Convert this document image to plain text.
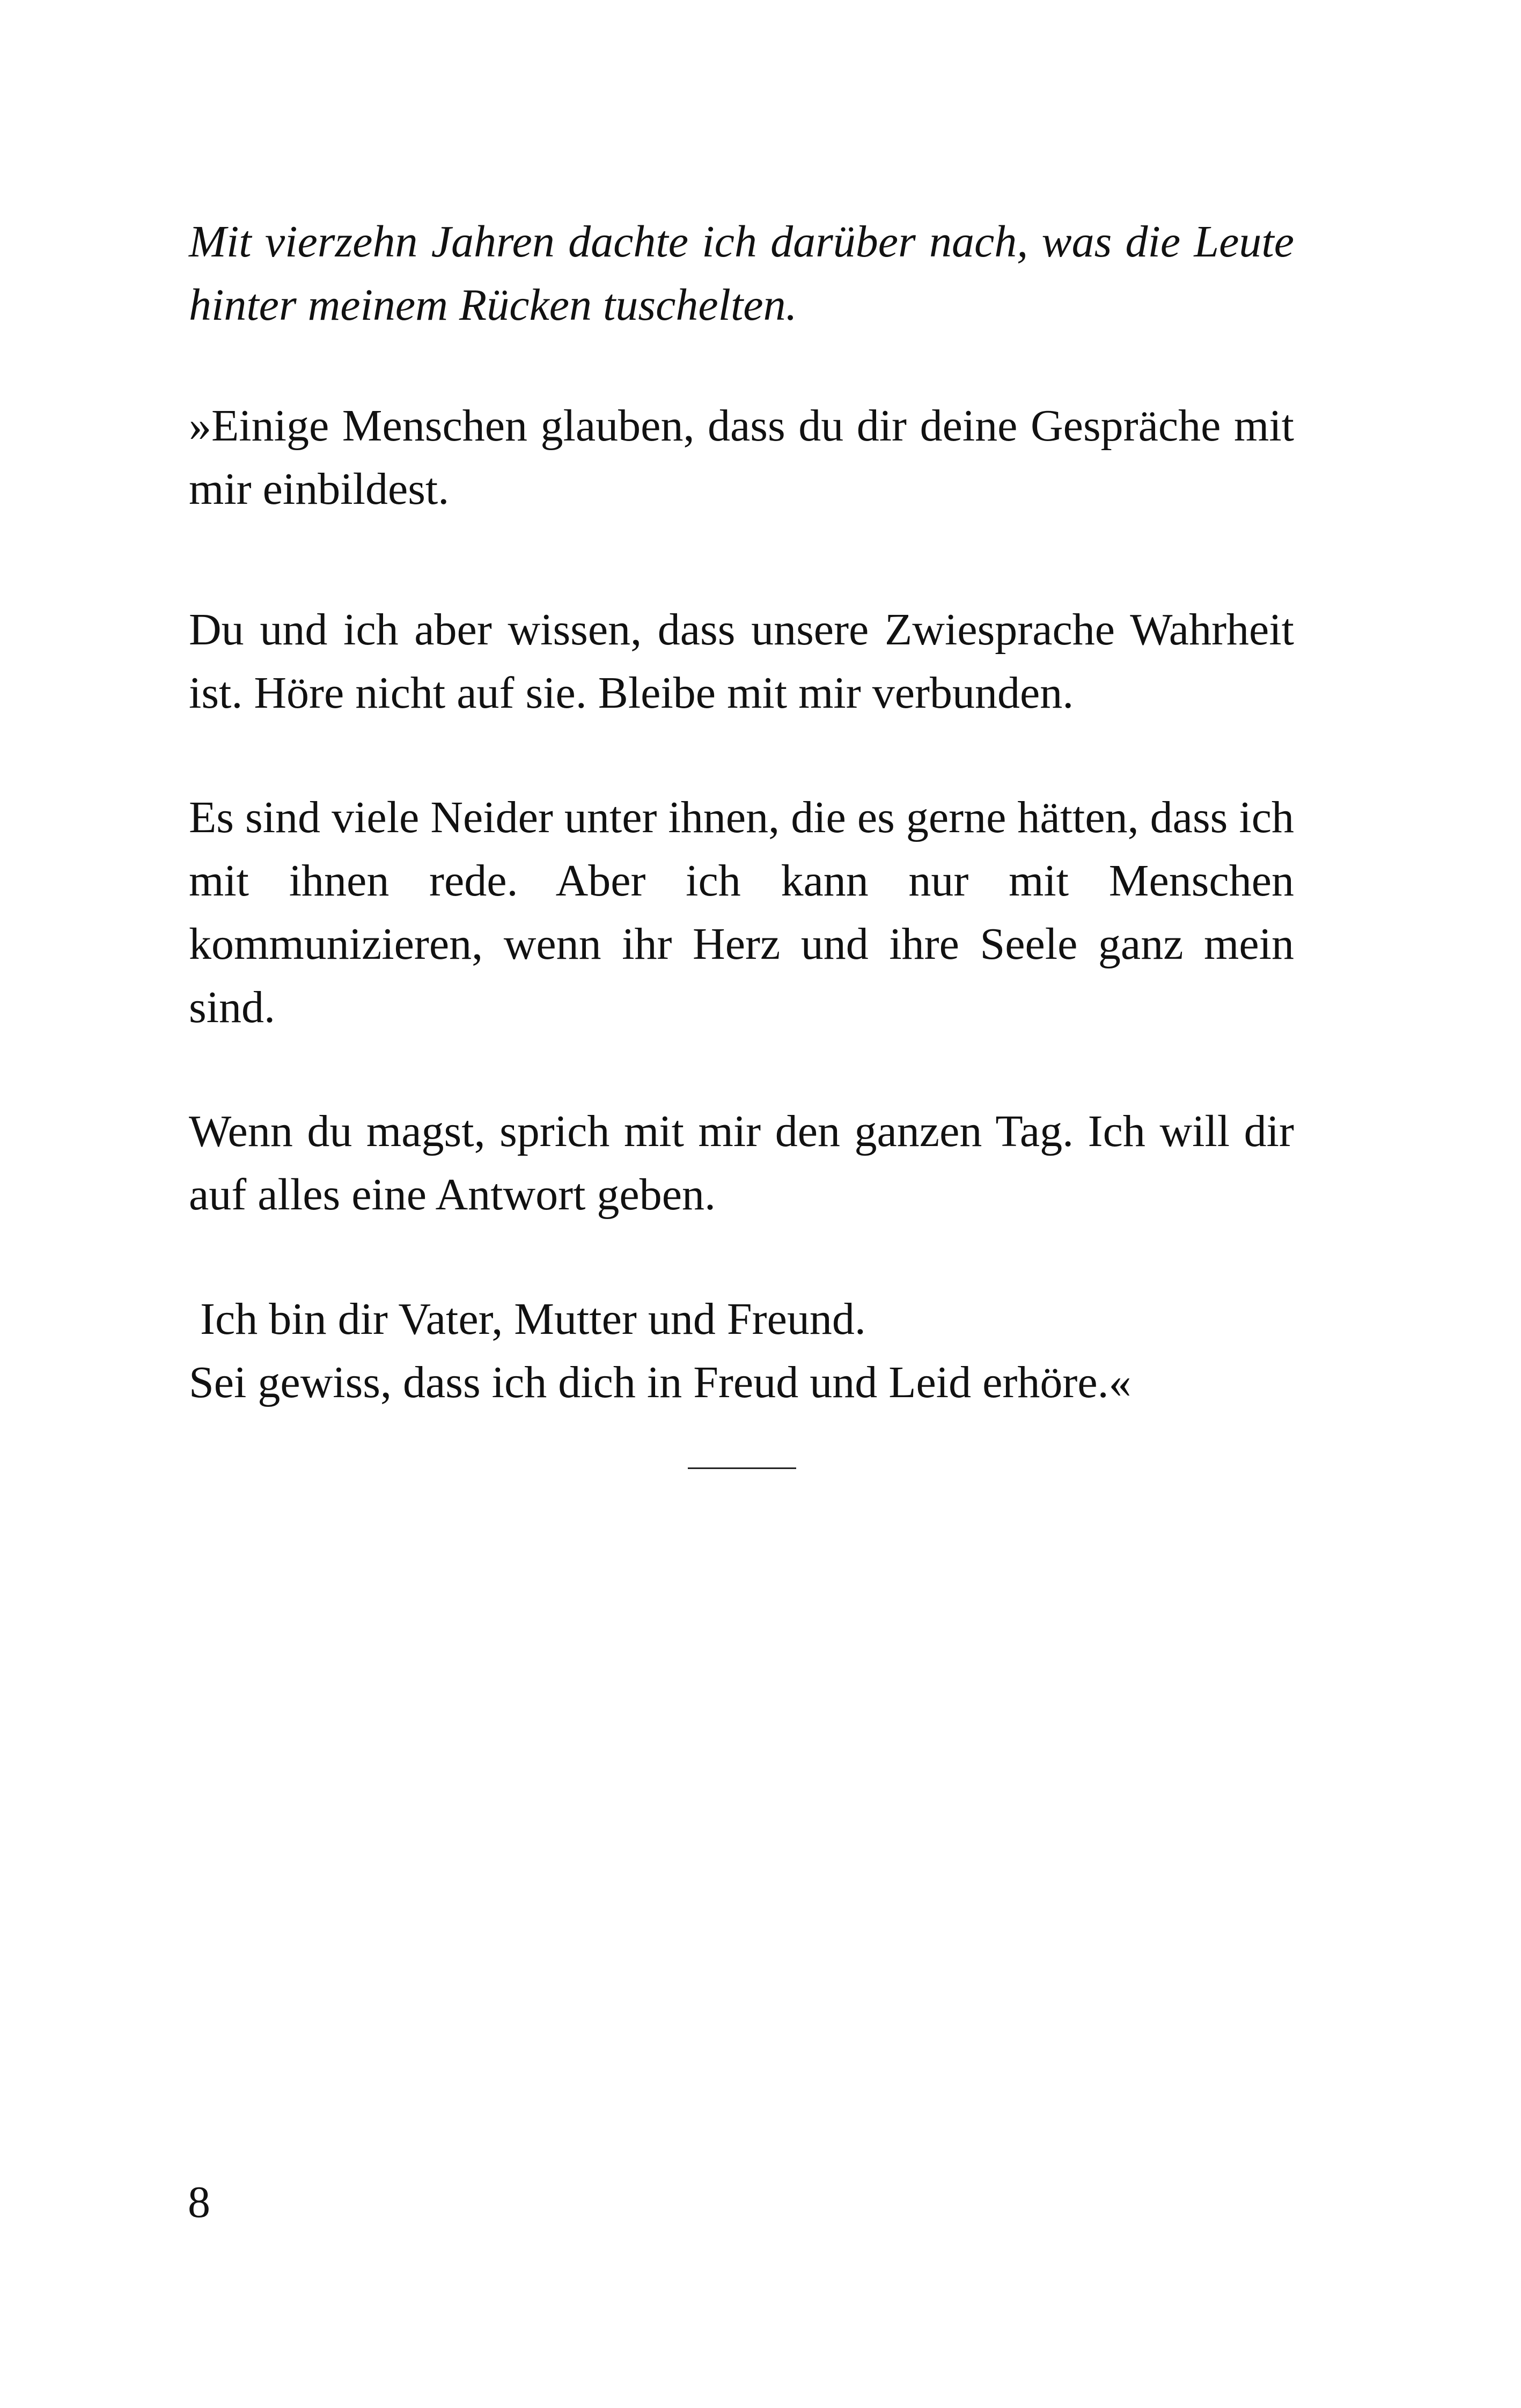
Mit vierzehn Jahren dachte ich darüber nach, was die Leute hinter meinem Rücken tuschelten.

»Einige Menschen glauben, dass du dir deine Gespräche mit mir einbildest.

Du und ich aber wissen, dass unsere Zwiesprache Wahrheit ist. Höre nicht auf sie. Bleibe mit mir verbunden.

Es sind viele Neider unter ihnen, die es gerne hätten, dass ich mit ihnen rede. Aber ich kann nur mit Menschen kommunizieren, wenn ihr Herz und ihre Seele ganz mein sind.

Wenn du magst, sprich mit mir den ganzen Tag. Ich will dir auf alles eine Antwort geben.

Ich bin dir Vater, Mutter und Freund.
Sei gewiss, dass ich dich in Freud und Leid erhöre.«
8
